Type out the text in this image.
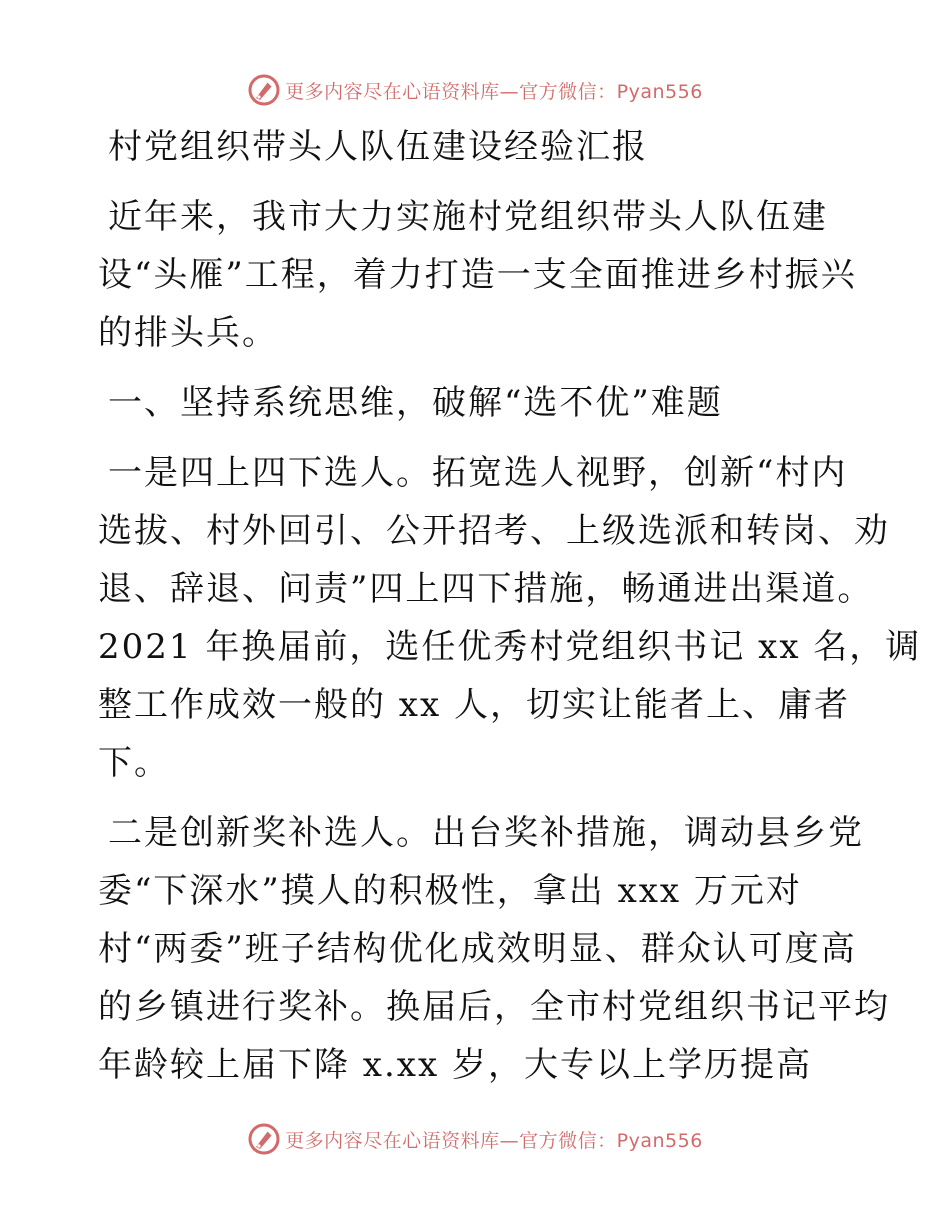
更多内容尽在心语资料库—官方微信：Pyan556

村党组织带头人队伍建设经验汇报

近年来，我市大力实施村党组织带头人队伍建
设“头雁”工程，着力打造一支全面推进乡村振兴
的排头兵。

一、坚持系统思维，破解“选不优”难题

一是四上四下选人。拓宽选人视野，创新“村内
选拔、村外回引、公开招考、上级选派和转岗、劝
退、辞退、问责”四上四下措施，畅通进出渠道。
2021 年换届前，选任优秀村党组织书记 xx 名，调
整工作成效一般的 xx 人，切实让能者上、庸者
下。

二是创新奖补选人。出台奖补措施，调动县乡党
委“下深水”摸人的积极性，拿出 xxx 万元对
村“两委”班子结构优化成效明显、群众认可度高
的乡镇进行奖补。换届后，全市村党组织书记平均
年龄较上届下降 x.xx 岁，大专以上学历提高

更多内容尽在心语资料库—官方微信：Pyan556
